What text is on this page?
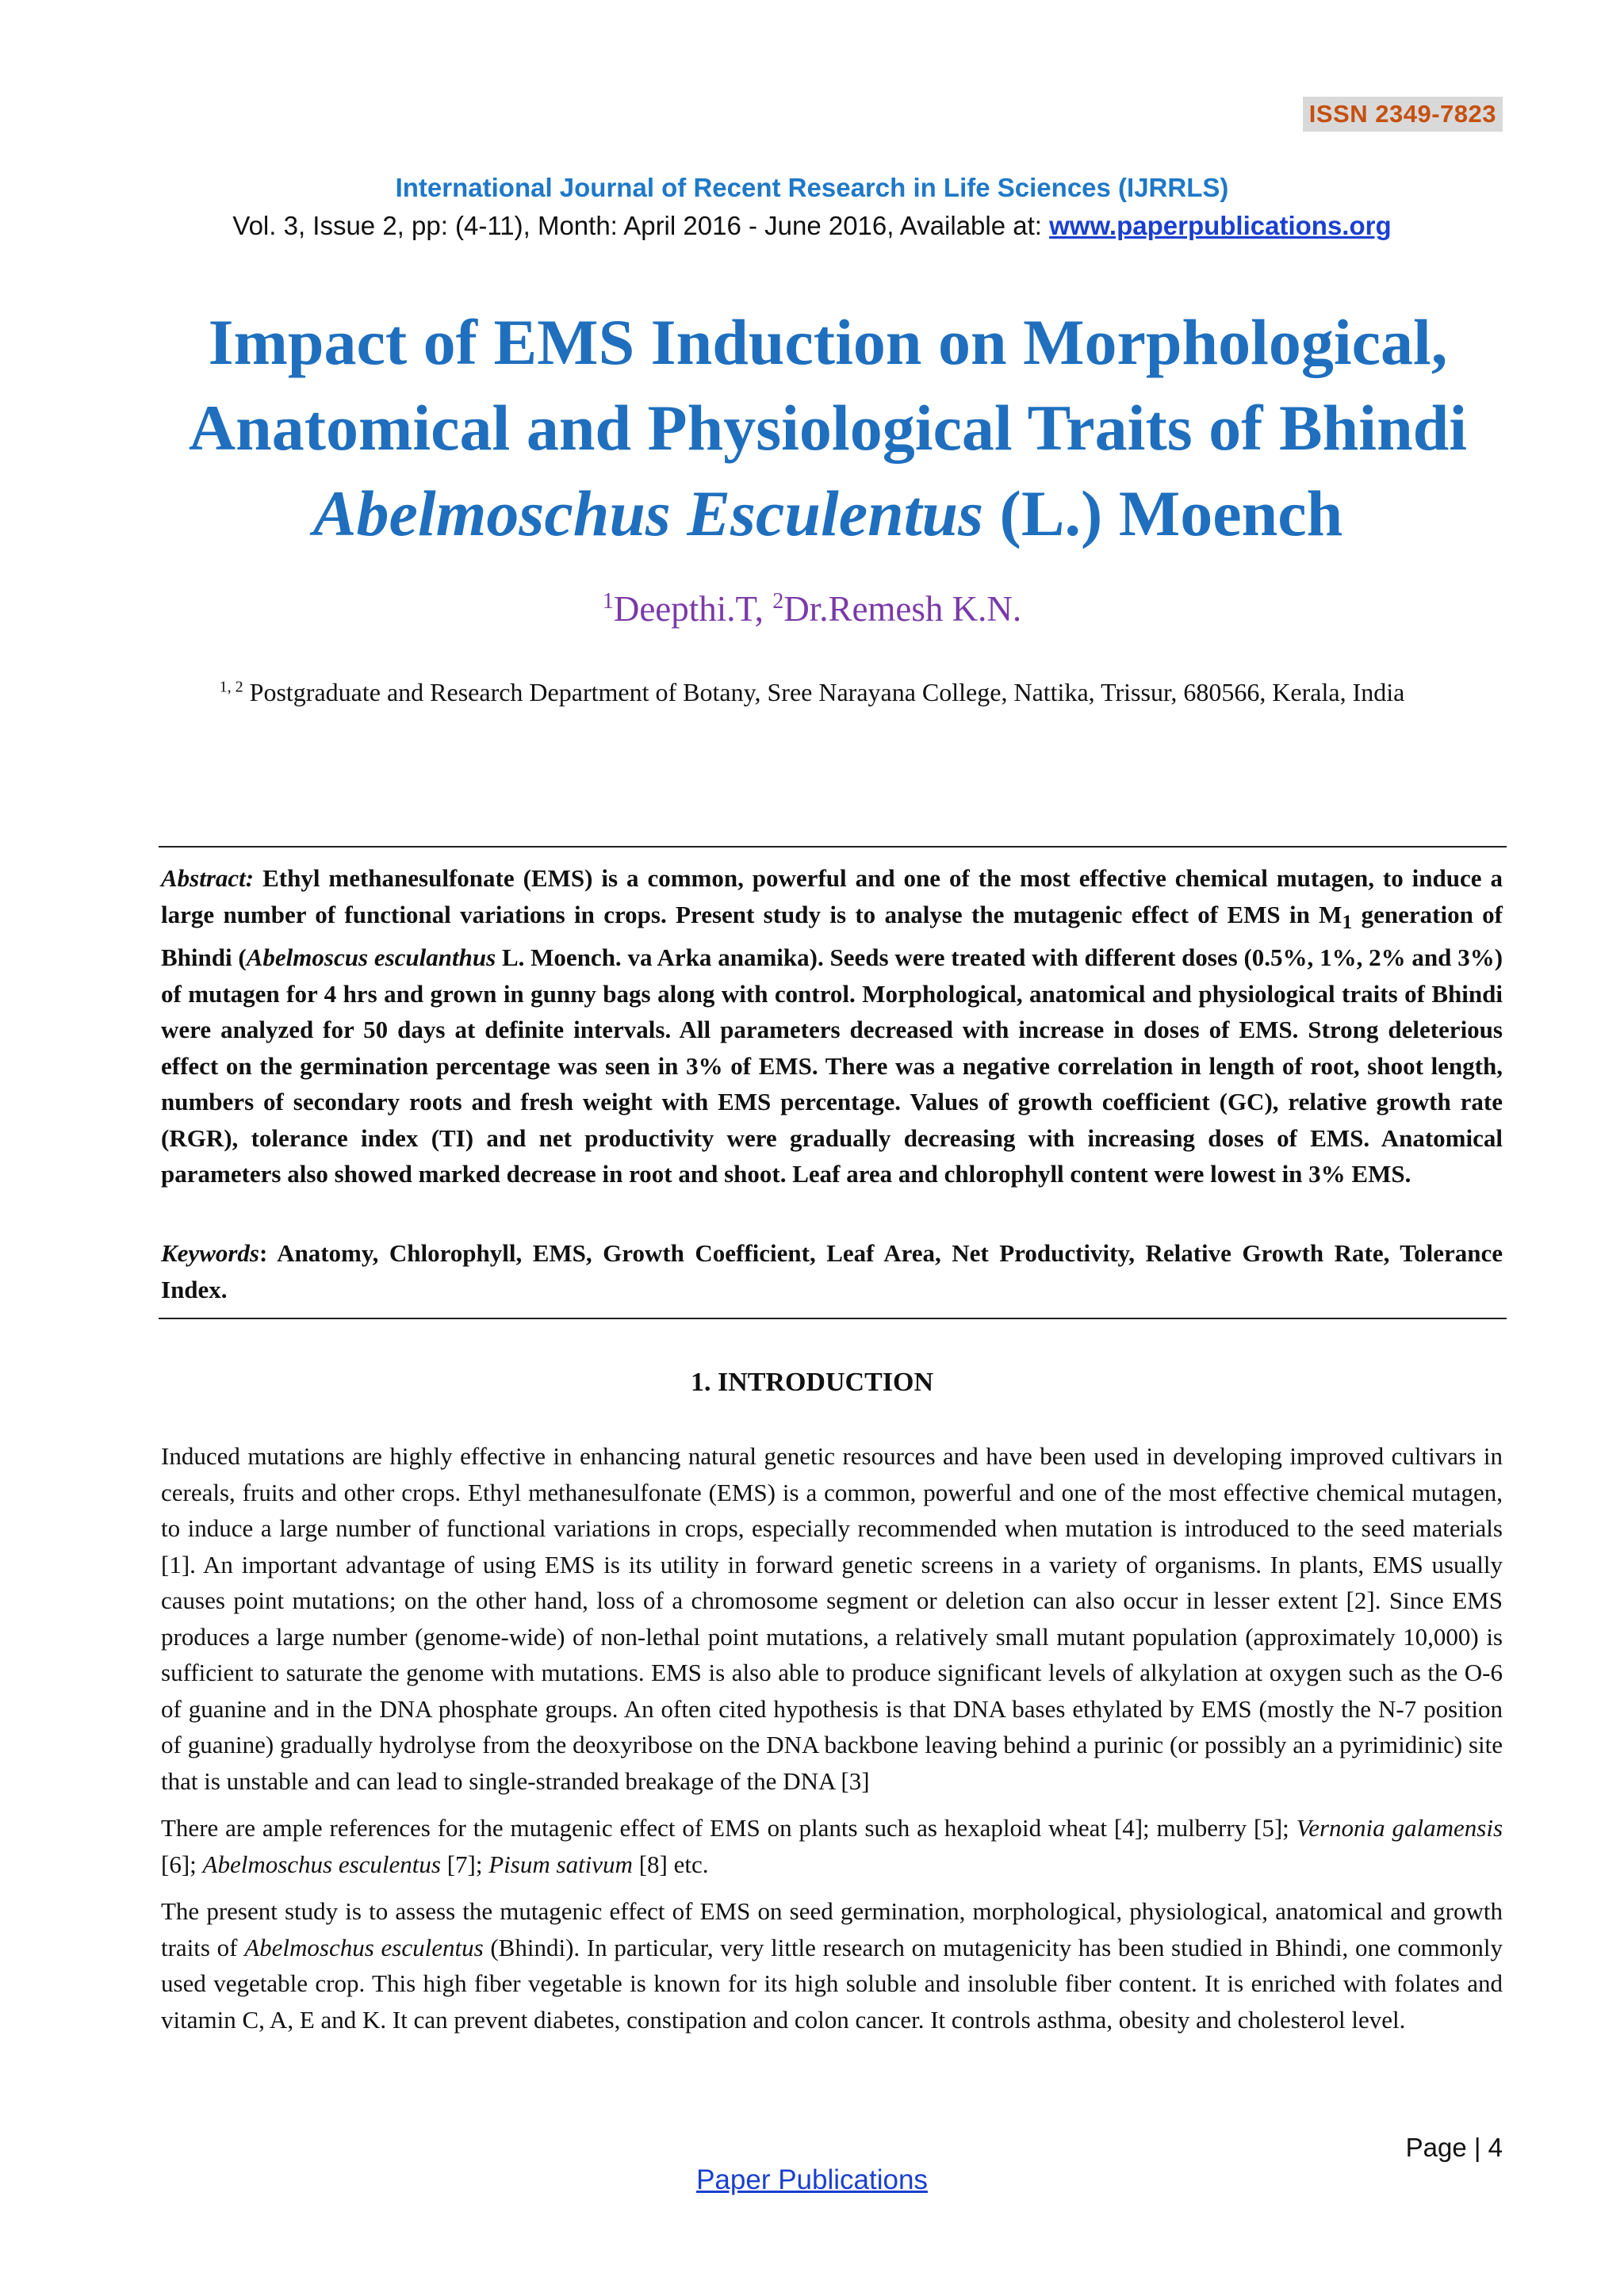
ISSN 2349-7823
International Journal of Recent Research in Life Sciences (IJRRLS)
Vol. 3, Issue 2, pp: (4-11), Month: April 2016 - June 2016, Available at: www.paperpublications.org
Impact of EMS Induction on Morphological,
Anatomical and Physiological Traits of Bhindi
Abelmoschus Esculentus (L.) Moench
$^1$Deepthi.T, $^2$Dr.Remesh K.N.
$^{1, 2}$ Postgraduate and Research Department of Botany, Sree Narayana College, Nattika, Trissur, 680566, Kerala, India
Abstract: Ethyl methanesulfonate (EMS) is a common, powerful and one of the most effective chemical mutagen, to induce a large number of functional variations in crops. Present study is to analyse the mutagenic effect of EMS in $M_1$ generation of Bhindi (Abelmoscus esculanthus L. Moench. va Arka anamika). Seeds were treated with different doses (0.5%, 1%, 2% and 3%) of mutagen for 4 hrs and grown in gunny bags along with control. Morphological, anatomical and physiological traits of Bhindi were analyzed for 50 days at definite intervals. All parameters decreased with increase in doses of EMS. Strong deleterious effect on the germination percentage was seen in 3% of EMS. There was a negative correlation in length of root, shoot length, numbers of secondary roots and fresh weight with EMS percentage. Values of growth coefficient (GC), relative growth rate (RGR), tolerance index (TI) and net productivity were gradually decreasing with increasing doses of EMS. Anatomical parameters also showed marked decrease in root and shoot. Leaf area and chlorophyll content were lowest in 3% EMS.
Keywords: Anatomy, Chlorophyll, EMS, Growth Coefficient, Leaf Area, Net Productivity, Relative Growth Rate, Tolerance Index.
1. INTRODUCTION

Induced mutations are highly effective in enhancing natural genetic resources and have been used in developing improved cultivars in cereals, fruits and other crops. Ethyl methanesulfonate (EMS) is a common, powerful and one of the most effective chemical mutagen, to induce a large number of functional variations in crops, especially recommended when mutation is introduced to the seed materials [1]. An important advantage of using EMS is its utility in forward genetic screens in a variety of organisms. In plants, EMS usually causes point mutations; on the other hand, loss of a chromosome segment or deletion can also occur in lesser extent [2]. Since EMS produces a large number (genome-wide) of non-lethal point mutations, a relatively small mutant population (approximately 10,000) is sufficient to saturate the genome with mutations. EMS is also able to produce significant levels of alkylation at oxygen such as the O-6 of guanine and in the DNA phosphate groups. An often cited hypothesis is that DNA bases ethylated by EMS (mostly the N-7 position of guanine) gradually hydrolyse from the deoxyribose on the DNA backbone leaving behind a purinic (or possibly an a pyrimidinic) site that is unstable and can lead to single-stranded breakage of the DNA [3]

There are ample references for the mutagenic effect of EMS on plants such as hexaploid wheat [4]; mulberry [5]; Vernonia galamensis [6]; Abelmoschus esculentus [7]; Pisum sativum [8] etc.

The present study is to assess the mutagenic effect of EMS on seed germination, morphological, physiological, anatomical and growth traits of Abelmoschus esculentus (Bhindi). In particular, very little research on mutagenicity has been studied in Bhindi, one commonly used vegetable crop. This high fiber vegetable is known for its high soluble and insoluble fiber content. It is enriched with folates and vitamin C, A, E and K. It can prevent diabetes, constipation and colon cancer. It controls asthma, obesity and cholesterol level.

Page | 4
Paper Publications
